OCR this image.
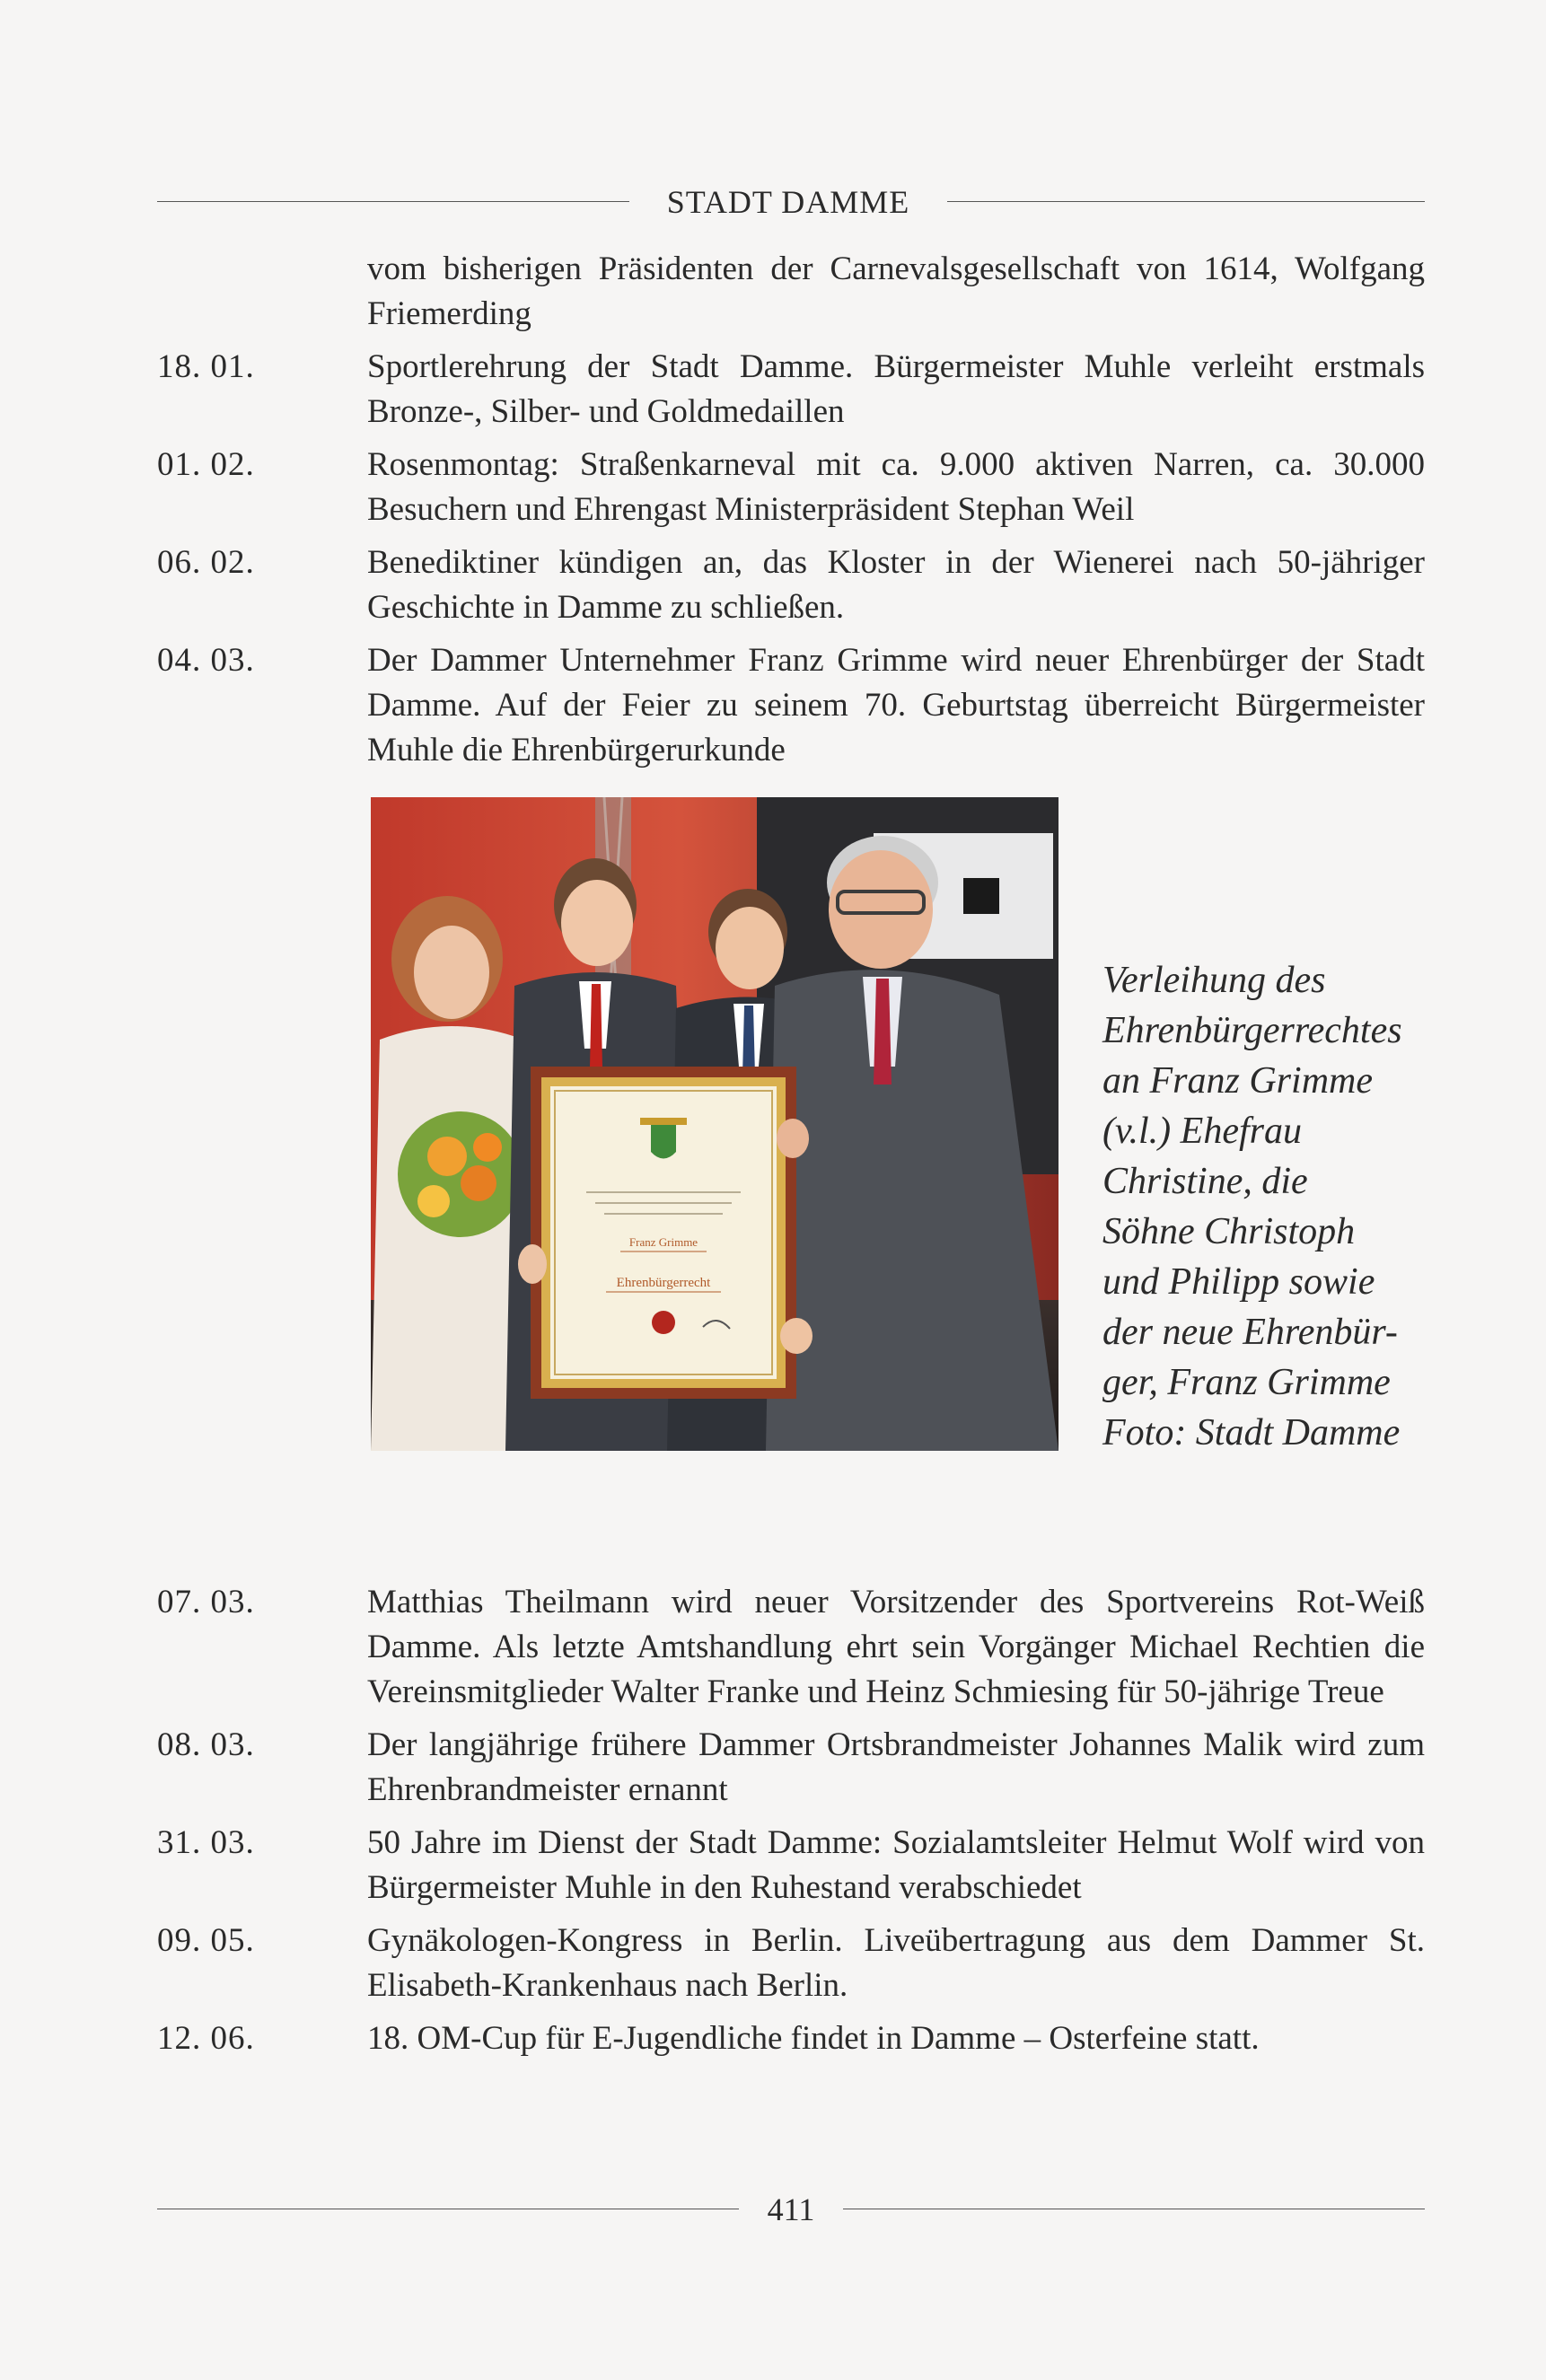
STADT DAMME
vom bisherigen Präsidenten der Carnevalsgesellschaft von 1614, Wolfgang Friemerding
18. 01.	Sportlerehrung der Stadt Damme. Bürgermeister Muhle verleiht erstmals Bronze-, Silber- und Goldmedaillen
01. 02.	Rosenmontag: Straßenkarneval mit ca. 9.000 aktiven Narren, ca. 30.000 Besuchern und Ehrengast Ministerpräsident Stephan Weil
06. 02.	Benediktiner kündigen an, das Kloster in der Wienerei nach 50-jähriger Geschichte in Damme zu schließen.
04. 03.	Der Dammer Unternehmer Franz Grimme wird neuer Ehrenbürger der Stadt Damme. Auf der Feier zu seinem 70. Geburtstag überreicht Bürgermeister Muhle die Ehrenbürgerurkunde
Franz Grimme
Ehrenbürgerrecht
Verleihung des
Ehrenbürgerrechtes
an Franz Grimme
(v.l.) Ehefrau
Christine, die
Söhne Christoph
und Philipp sowie
der neue Ehrenbür-
ger, Franz Grimme
Foto: Stadt Damme
07. 03.	Matthias Theilmann wird neuer Vorsitzender des Sportvereins Rot-Weiß Damme. Als letzte Amtshandlung ehrt sein Vorgänger Michael Rechtien die Vereinsmitglieder Walter Franke und Heinz Schmiesing für 50-jährige Treue
08. 03.	Der langjährige frühere Dammer Ortsbrandmeister Johannes Malik wird zum Ehrenbrandmeister ernannt
31. 03.	50 Jahre im Dienst der Stadt Damme: Sozialamtsleiter Helmut Wolf wird von Bürgermeister Muhle in den Ruhestand verabschiedet
09. 05.	Gynäkologen-Kongress in Berlin. Liveübertragung aus dem Dammer St. Elisabeth-Krankenhaus nach Berlin.
12. 06.	18. OM-Cup für E-Jugendliche findet in Damme – Osterfeine statt.
411
